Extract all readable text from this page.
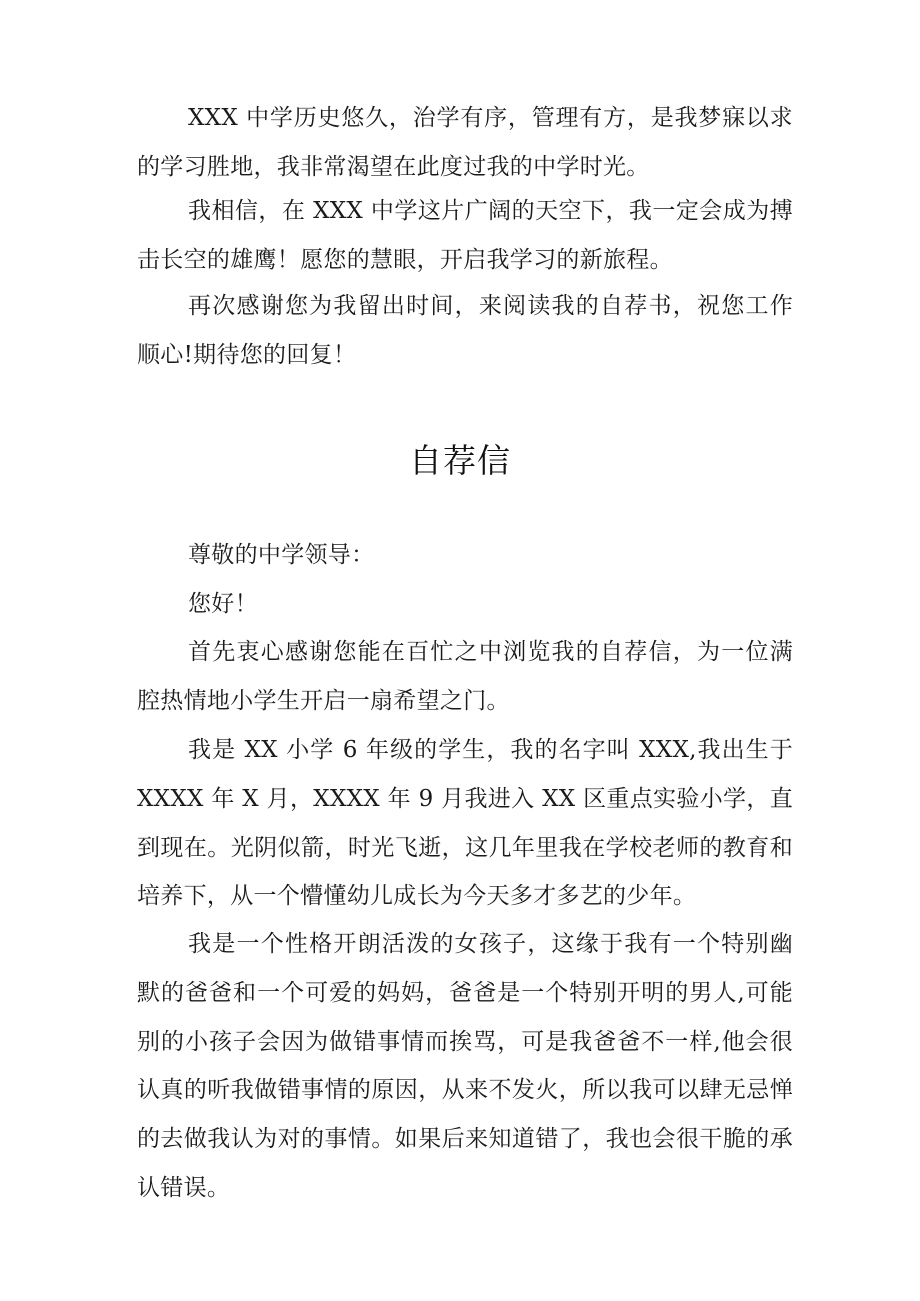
XXX 中学历史悠久，治学有序，管理有方，是我梦寐以求的学习胜地，我非常渴望在此度过我的中学时光。

我相信，在 XXX 中学这片广阔的天空下，我一定会成为搏击长空的雄鹰！愿您的慧眼，开启我学习的新旅程。

再次感谢您为我留出时间，来阅读我的自荐书，祝您工作顺心!期待您的回复！

自荐信

尊敬的中学领导：

您好！

首先衷心感谢您能在百忙之中浏览我的自荐信，为一位满腔热情地小学生开启一扇希望之门。

我是 XX 小学 6 年级的学生，我的名字叫 XXX,我出生于 XXXX 年 X 月，XXXX 年 9 月我进入 XX 区重点实验小学，直到现在。光阴似箭，时光飞逝，这几年里我在学校老师的教育和培养下，从一个懵懂幼儿成长为今天多才多艺的少年。

我是一个性格开朗活泼的女孩子，这缘于我有一个特别幽默的爸爸和一个可爱的妈妈，爸爸是一个特别开明的男人,可能别的小孩子会因为做错事情而挨骂，可是我爸爸不一样,他会很认真的听我做错事情的原因，从来不发火，所以我可以肆无忌惮的去做我认为对的事情。如果后来知道错了，我也会很干脆的承认错误。
